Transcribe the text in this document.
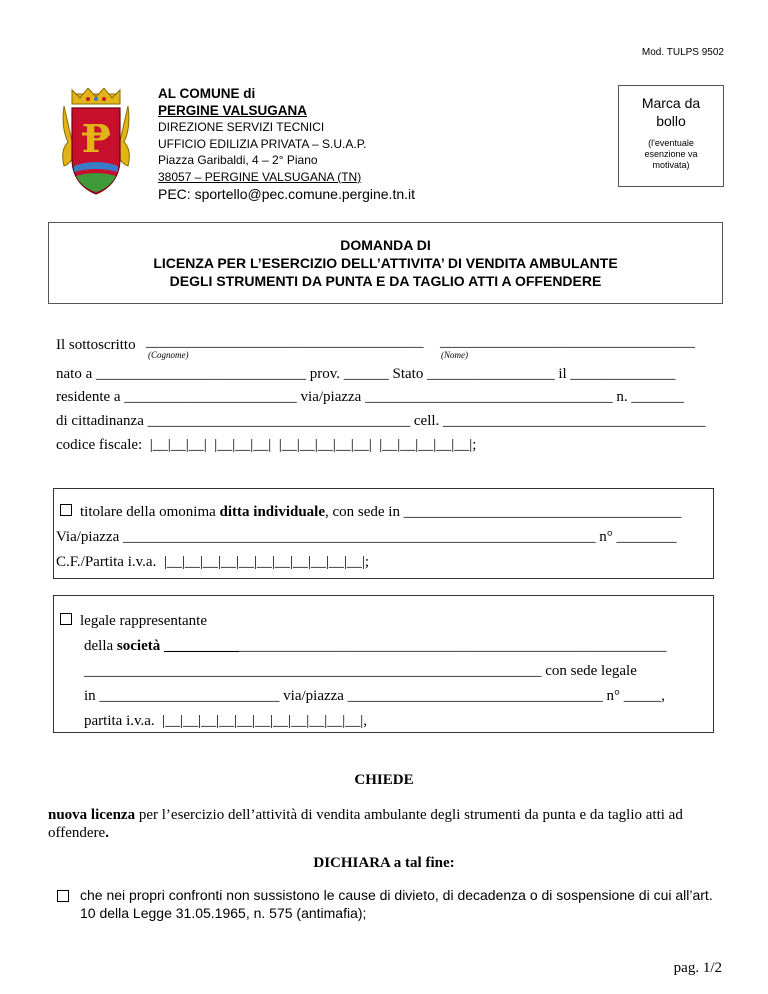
Mod. TULPS 9502
P
AL COMUNE di
PERGINE VALSUGANA
DIREZIONE SERVIZI TECNICI
UFFICIO EDILIZIA PRIVATA – S.U.A.P.
Piazza Garibaldi, 4 – 2° Piano
38057 – PERGINE VALSUGANA (TN)
PEC: sportello@pec.comune.pergine.tn.it
Marca da
bollo
(l'eventuale
esenzione va
motivata)
DOMANDA DI
LICENZA PER L’ESERCIZIO DELL’ATTIVITA’ DI VENDITA AMBULANTE
DEGLI STRUMENTI DA PUNTA E DA TAGLIO ATTI A OFFENDERE
Il sottoscritto _____________________________________ __________________________________
(Cognome)	(Nome)
nato a ____________________________ prov. ______ Stato _________________ il ______________
residente a _______________________ via/piazza _________________________________ n. _______
di cittadinanza ___________________________________ cell. ___________________________________
codice fiscale:  |__|__|__|  |__|__|__|  |__|__|__|__|__|  |__|__|__|__|__|;
titolare della omonima ditta individuale, con sede in _____________________________________
Via/piazza _______________________________________________________________ n° ________
C.F./Partita i.v.a.  |__|__|__|__|__|__|__|__|__|__|__|;
legale rappresentante
della società ___________________________________________________________________
_____________________________________________________________ con sede legale
in ________________________ via/piazza __________________________________ n° _____,
partita i.v.a.  |__|__|__|__|__|__|__|__|__|__|__|,
CHIEDE
nuova licenza per l’esercizio dell’attività di vendita ambulante degli strumenti da punta e da taglio atti ad offendere.
DICHIARA a tal fine:
che nei propri confronti non sussistono le cause di divieto, di decadenza o di sospensione di cui all’art. 10 della Legge 31.05.1965, n. 575 (antimafia);
pag. 1/2
